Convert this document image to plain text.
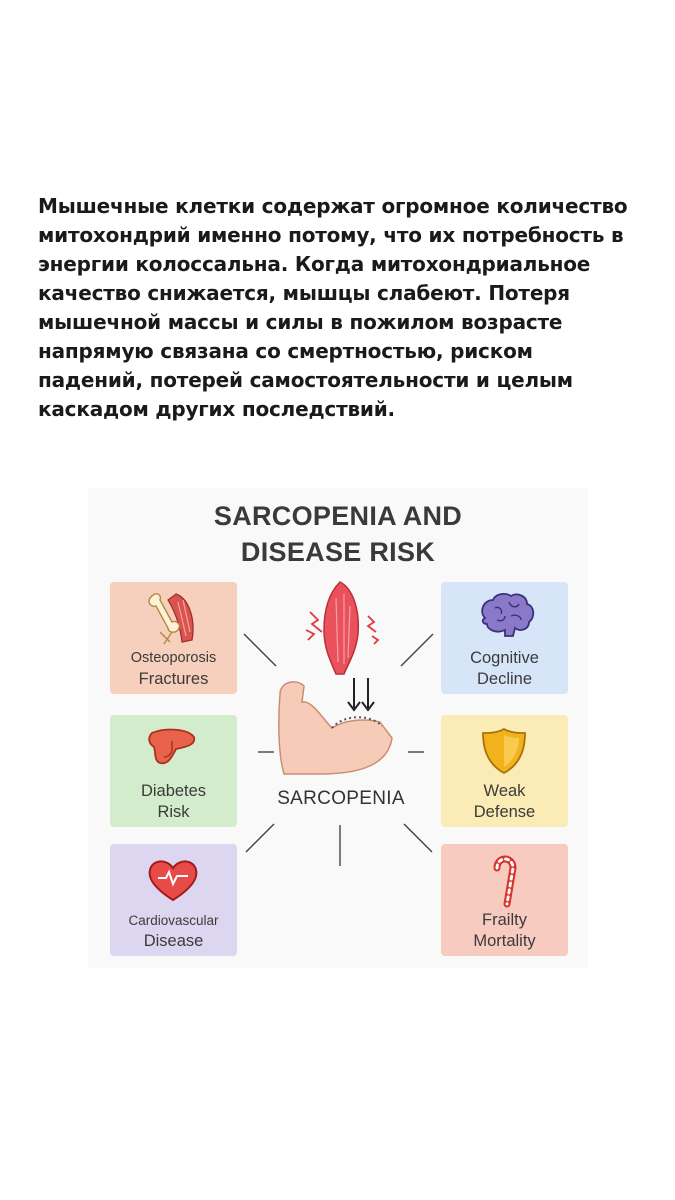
Мышечные клетки содержат огромное количество митохондрий именно потому, что их потребность в энергии колоссальна. Когда митохондриальное качество снижается, мышцы слабеют. Потеря мышечной массы и силы в пожилом возрасте напрямую связана со смертностью, риском падений, потерей самостоятельности и целым каскадом других последствий.

SARCOPENIA AND
DISEASE RISK
Osteoporosis
Fractures
Cognitive
Decline
Diabetes
Risk
Weak
Defense
Cardiovascular
Disease
Frailty
Mortality
SARCOPENIA
